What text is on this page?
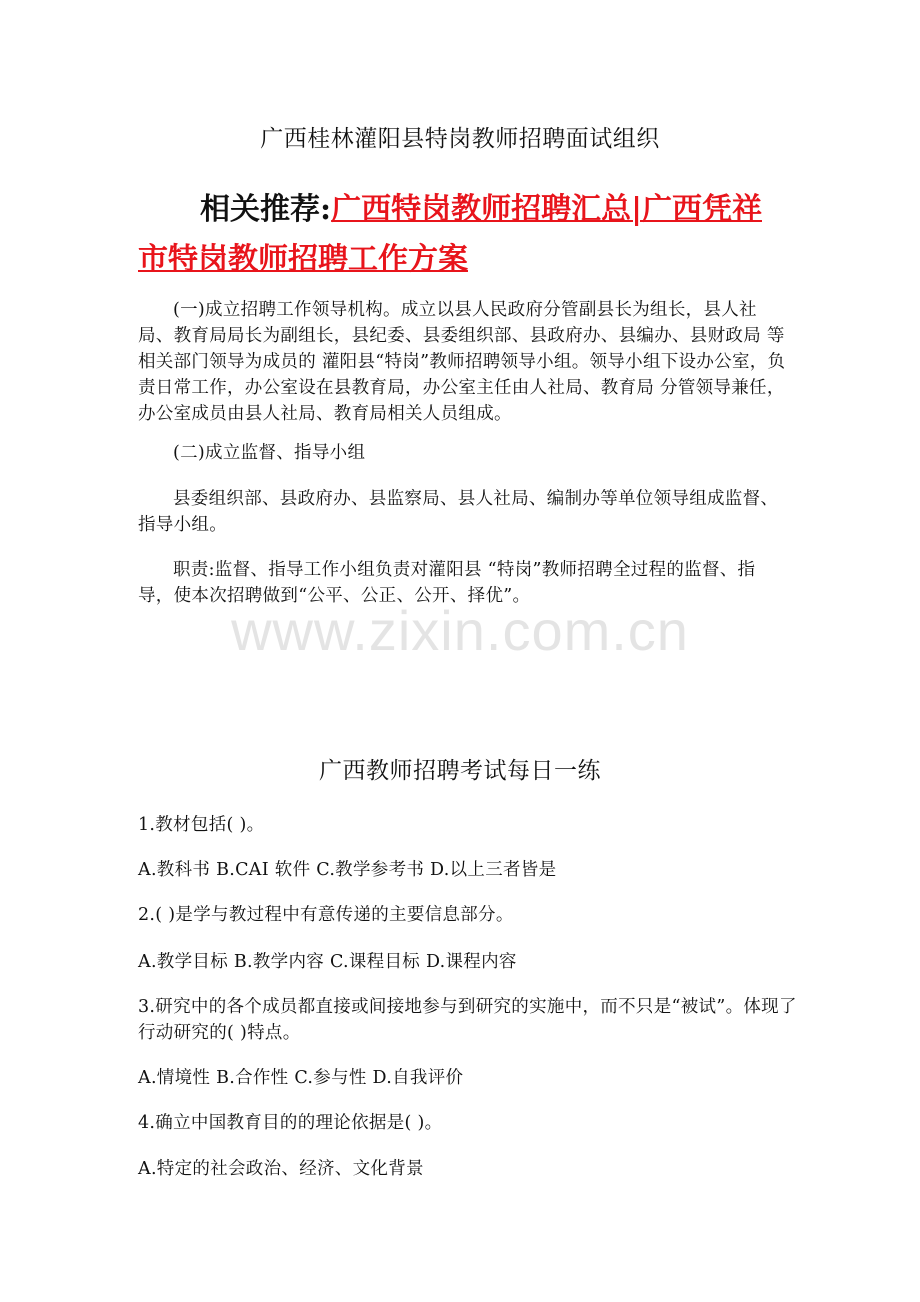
广西桂林灌阳县特岗教师招聘面试组织
相关推荐:广西特岗教师招聘汇总|广西凭祥市特岗教师招聘工作方案
(一)成立招聘工作领导机构。成立以县人民政府分管副县长为组长，县人社局、教育局局长为副组长，县纪委、县委组织部、县政府办、县编办、县财政局 等相关部门领导为成员的 灌阳县“特岗”教师招聘领导小组。领导小组下设办公室，负责日常工作，办公室设在县教育局，办公室主任由人社局、教育局 分管领导兼任，办公室成员由县人社局、教育局相关人员组成。
(二)成立监督、指导小组
县委组织部、县政府办、县监察局、县人社局、编制办等单位领导组成监督、指导小组。
职责:监督、指导工作小组负责对灌阳县 “特岗”教师招聘全过程的监督、指导，使本次招聘做到“公平、公正、公开、择优”。
www.zixin.com.cn
广西教师招聘考试每日一练
1.教材包括( )。
A.教科书 B.CAI 软件 C.教学参考书 D.以上三者皆是
2.( )是学与教过程中有意传递的主要信息部分。
A.教学目标 B.教学内容 C.课程目标 D.课程内容
3.研究中的各个成员都直接或间接地参与到研究的实施中，而不只是“被试”。体现了行动研究的( )特点。
A.情境性 B.合作性 C.参与性 D.自我评价
4.确立中国教育目的的理论依据是( )。
A.特定的社会政治、经济、文化背景
